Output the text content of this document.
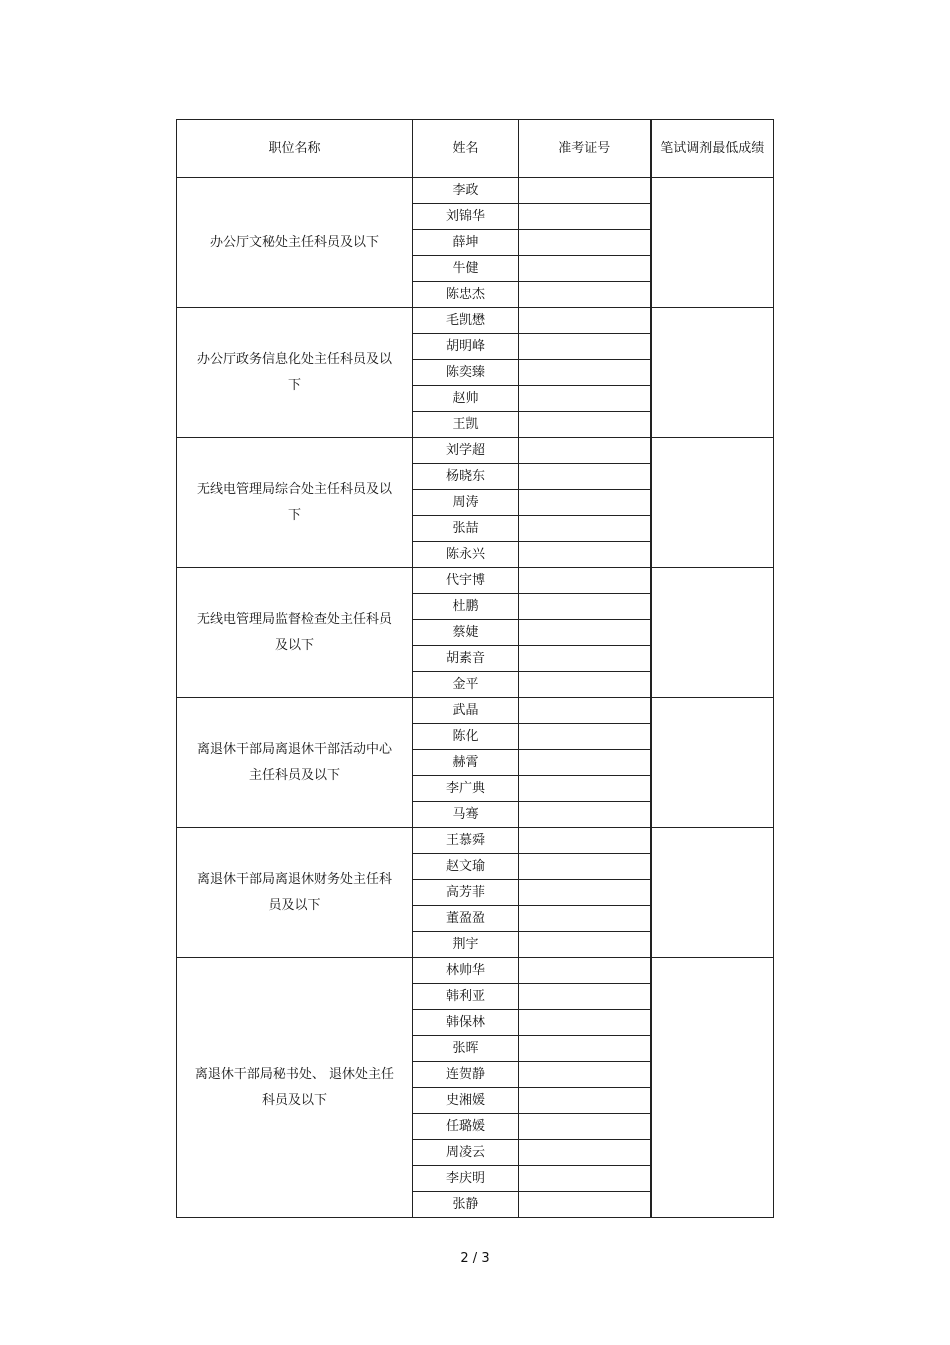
职位名称	姓名	准考证号	笔试调剂最低成绩
办公厅文秘处主任科员及以下	李政		
	刘锦华		
	薛坤		
	牛健		
	陈忠杰		
办公厅政务信息化处主任科员及以下	毛凯懋		
	胡明峰		
	陈奕臻		
	赵帅		
	王凯		
无线电管理局综合处主任科员及以下	刘学超		
	杨晓东		
	周涛		
	张喆		
	陈永兴		
无线电管理局监督检查处主任科员及以下	代宇博		
	杜鹏		
	蔡婕		
	胡素音		
	金平		
离退休干部局离退休干部活动中心主任科员及以下	武晶		
	陈化		
	赫霄		
	李广典		
	马骞		
离退休干部局离退休财务处主任科员及以下	王慕舜		
	赵文瑜		
	高芳菲		
	董盈盈		
	荆宇		
离退休干部局秘书处、 退休处主任科员及以下	林帅华		
	韩利亚		
	韩保林		
	张晖		
	连贺静		
	史湘媛		
	任璐媛		
	周凌云		
	李庆明		
	张静		
2 / 3
